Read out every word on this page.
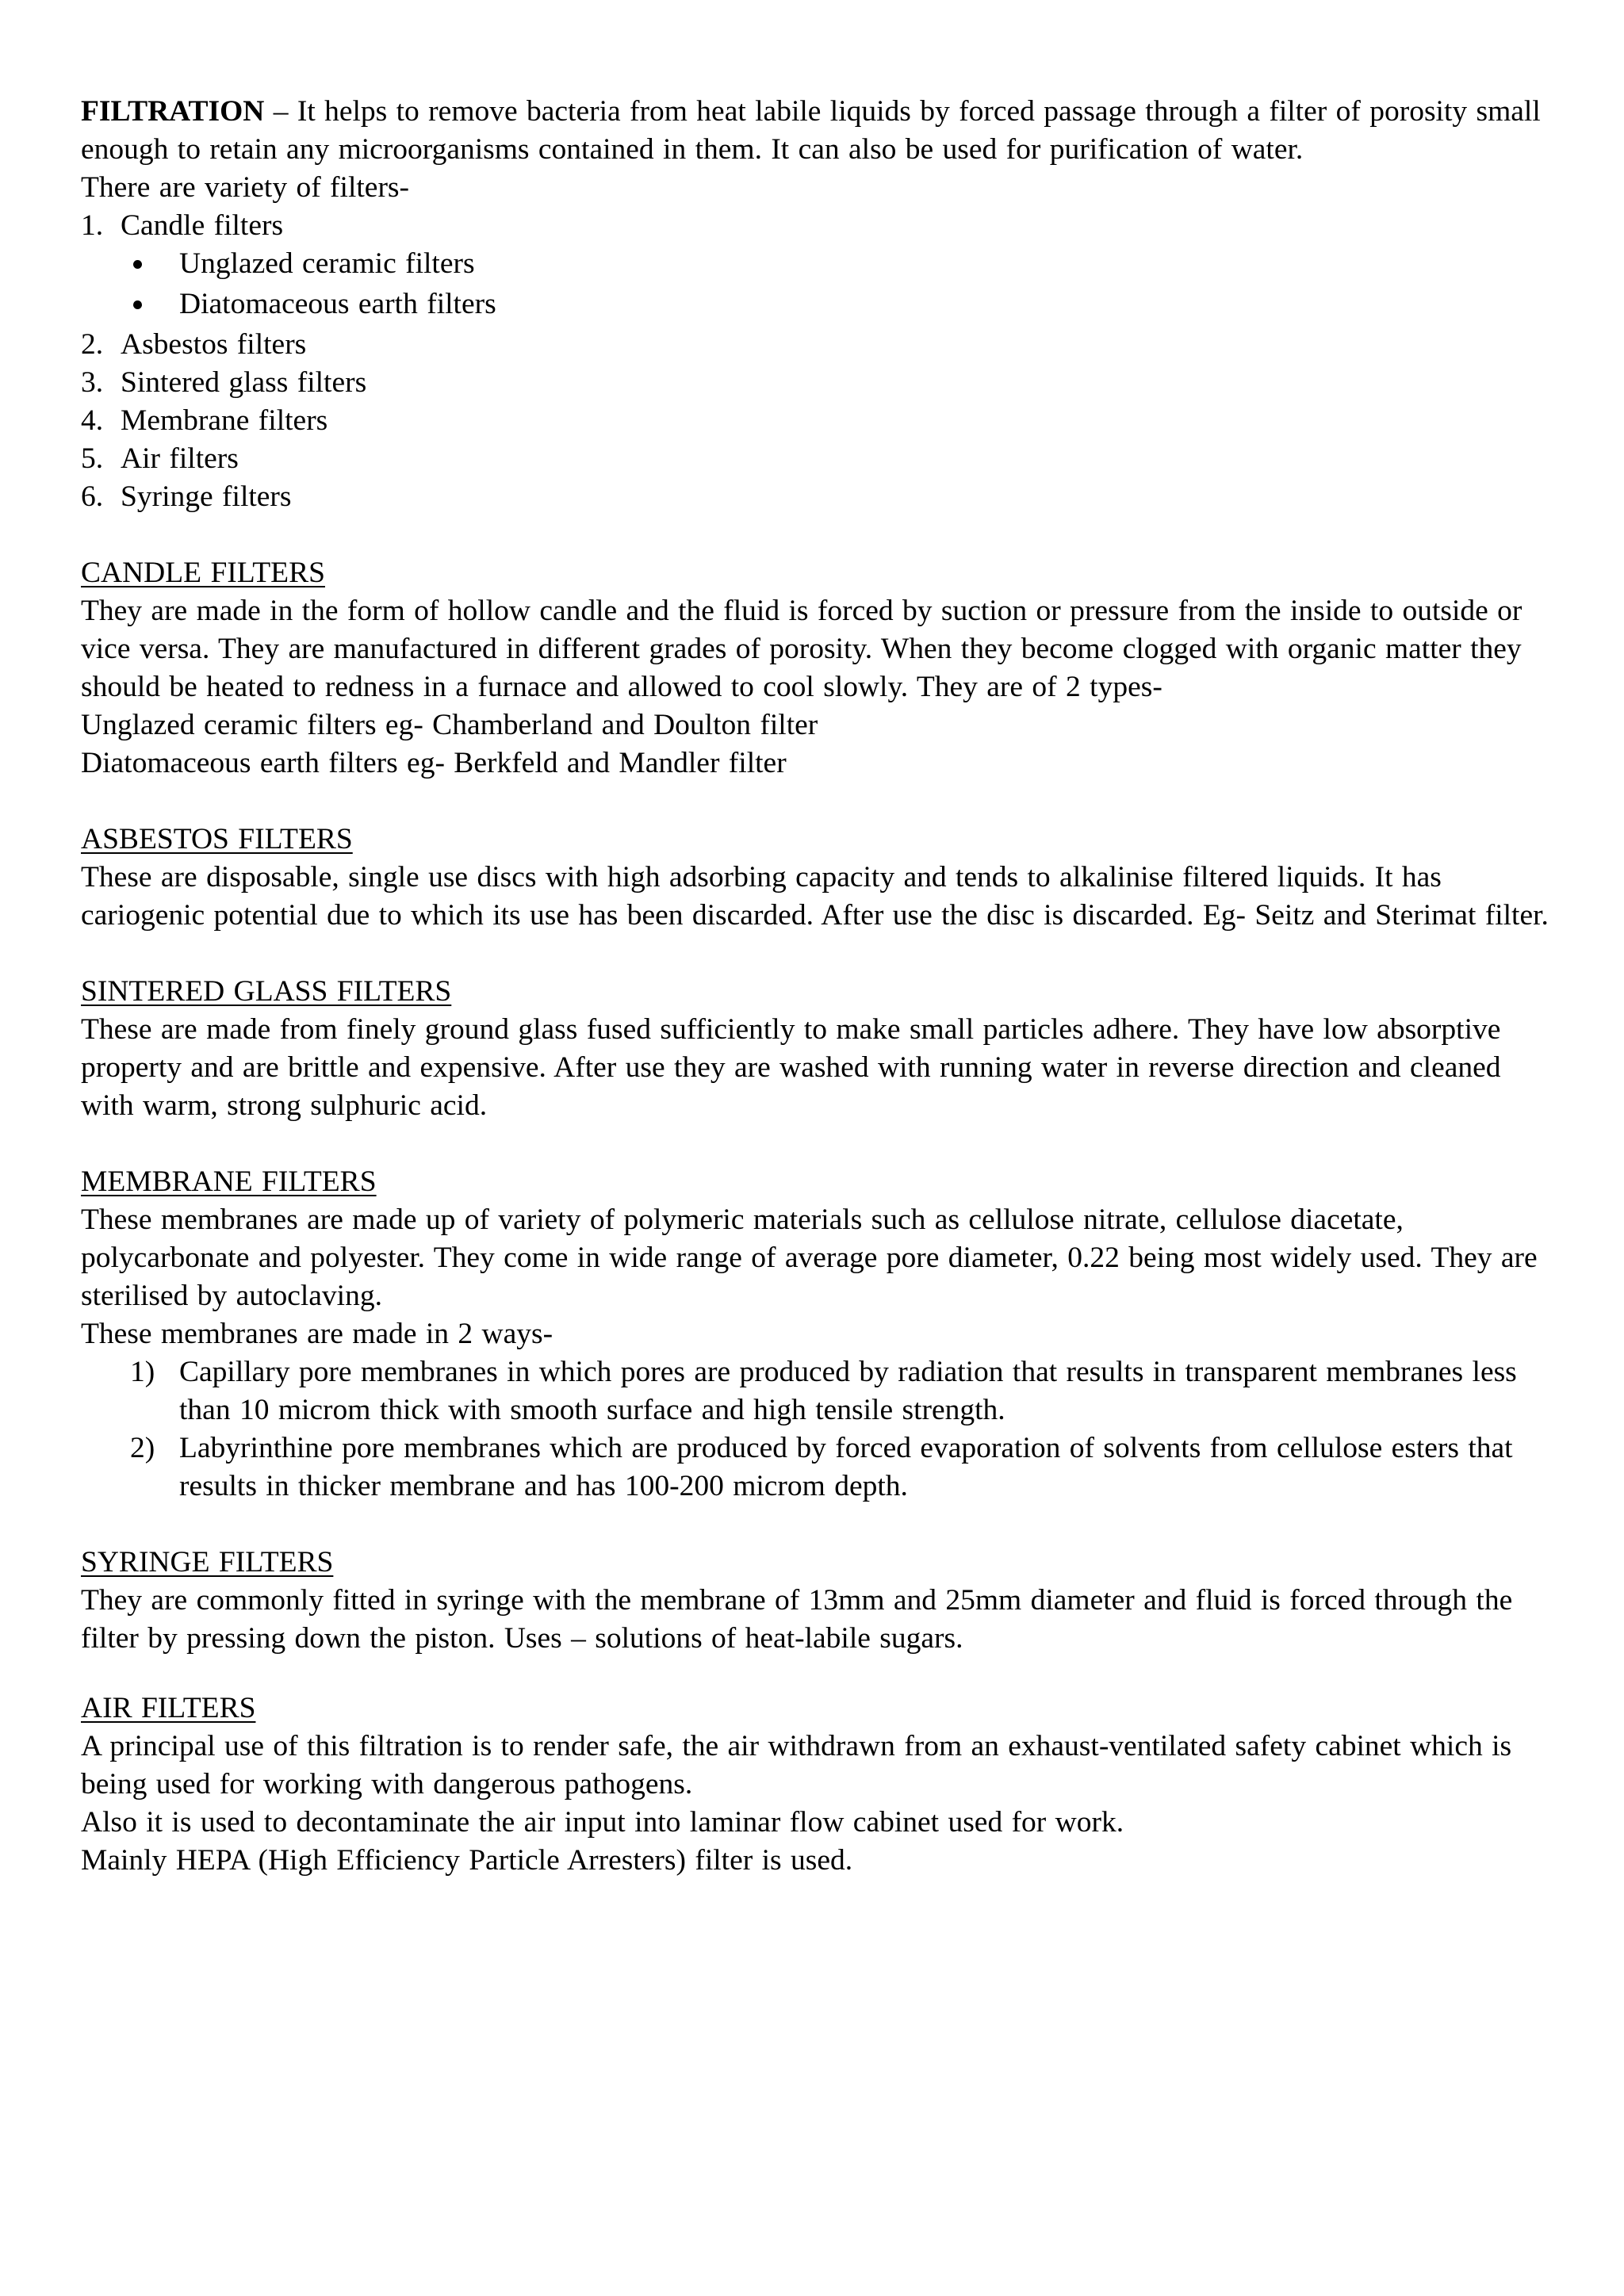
FILTRATION – It helps to remove bacteria from heat labile liquids by forced passage through a filter of porosity small enough to retain any microorganisms contained in them. It can also be used for purification of water.

There are variety of filters-

1. Candle filters
Unglazed ceramic filters
Diatomaceous earth filters
2. Asbestos filters
3. Sintered glass filters
4. Membrane filters
5. Air filters
6. Syringe filters

CANDLE FILTERS

They are made in the form of hollow candle and the fluid is forced by suction or pressure from the inside to outside or vice versa. They are manufactured in different grades of porosity. When they become clogged with organic matter they should be heated to redness in a furnace and allowed to cool slowly. They are of 2 types-

Unglazed ceramic filters eg- Chamberland and Doulton filter

Diatomaceous earth filters eg- Berkfeld and Mandler filter

ASBESTOS FILTERS

These are disposable, single use discs with high adsorbing capacity and tends to alkalinise filtered liquids. It has cariogenic potential due to which its use has been discarded. After use the disc is discarded. Eg- Seitz and Sterimat filter.

SINTERED GLASS FILTERS

These are made from finely ground glass fused sufficiently to make small particles adhere. They have low absorptive property and are brittle and expensive. After use they are washed with running water in reverse direction and cleaned with warm, strong sulphuric acid.

MEMBRANE FILTERS

These membranes are made up of variety of polymeric materials such as cellulose nitrate, cellulose diacetate, polycarbonate and polyester. They come in wide range of average pore diameter, 0.22 being most widely used. They are sterilised by autoclaving.

These membranes are made in 2 ways-

1) Capillary pore membranes in which pores are produced by radiation that results in transparent membranes less than 10 microm thick with smooth surface and high tensile strength.
2) Labyrinthine pore membranes which are produced by forced evaporation of solvents from cellulose esters that results in thicker membrane and has 100-200 microm depth.

SYRINGE FILTERS

They are commonly fitted in syringe with the membrane of 13mm and 25mm diameter and fluid is forced through the filter by pressing down the piston. Uses – solutions of heat-labile sugars.

AIR FILTERS

A principal use of this filtration is to render safe, the air withdrawn from an exhaust-ventilated safety cabinet which is being used for working with dangerous pathogens.

Also it is used to decontaminate the air input into laminar flow cabinet used for work.

Mainly HEPA (High Efficiency Particle Arresters) filter is used.
